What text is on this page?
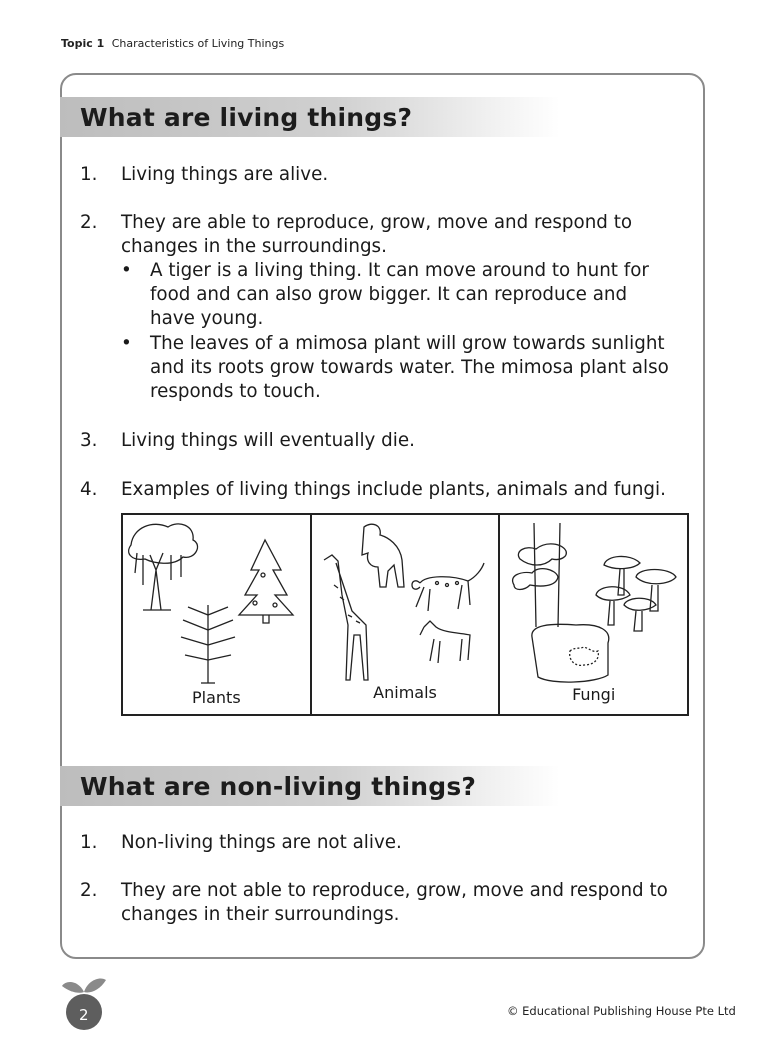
Topic 1 Characteristics of Living Things
What are living things?
1. Living things are alive.
2. They are able to reproduce, grow, move and respond to
changes in the surroundings.
• A tiger is a living thing. It can move around to hunt for
food and can also grow bigger. It can reproduce and
have young.
• The leaves of a mimosa plant will grow towards sunlight
and its roots grow towards water. The mimosa plant also
responds to touch.
3. Living things will eventually die.
4. Examples of living things include plants, animals and fungi.
Plants	Animals	Fungi
What are non-living things?
1. Non-living things are not alive.
2. They are not able to reproduce, grow, move and respond to
changes in their surroundings.
2	© Educational Publishing House Pte Ltd
